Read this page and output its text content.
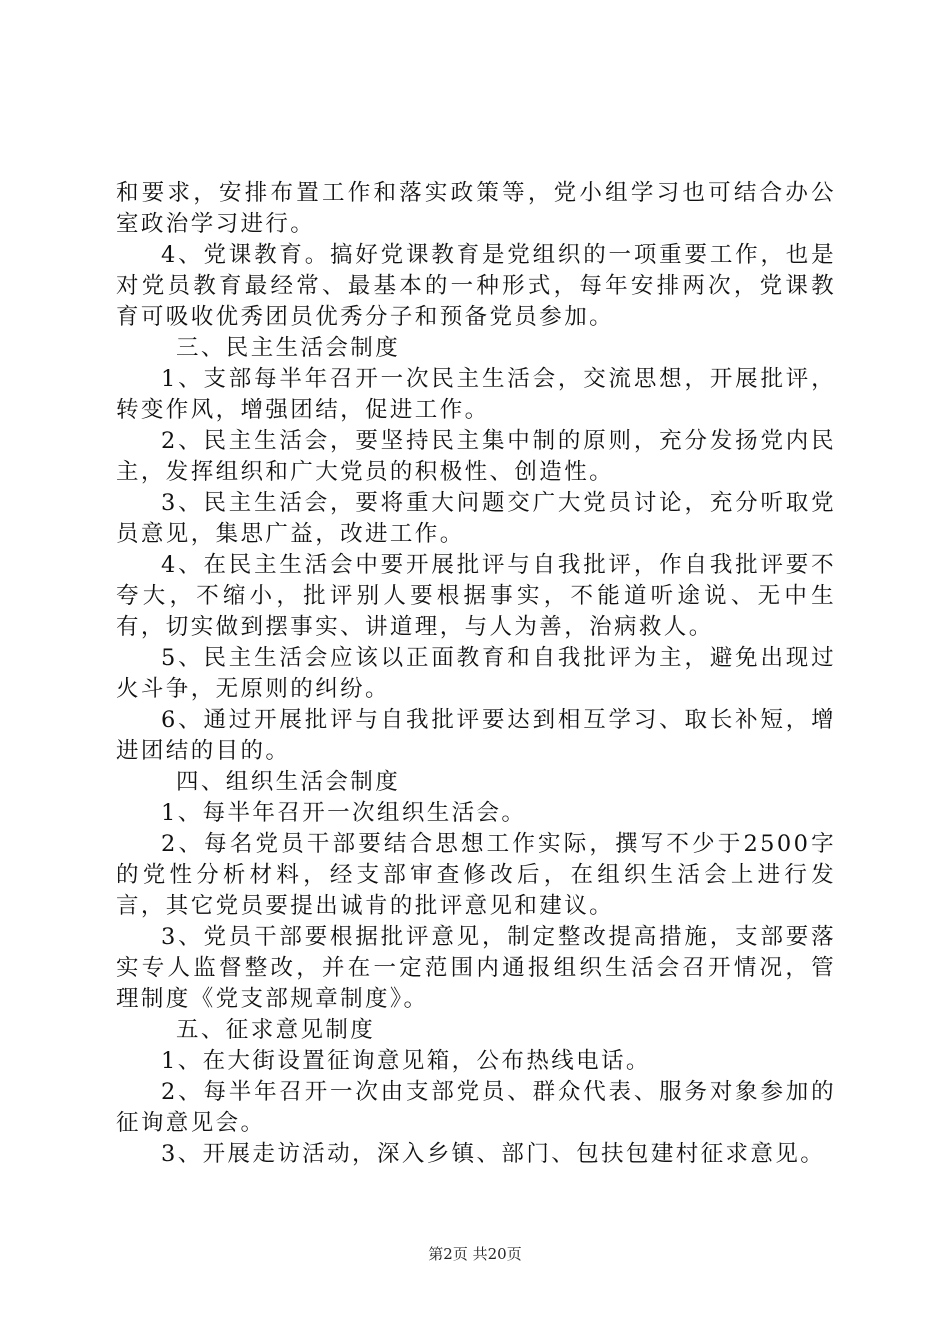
和要求，安排布置工作和落实政策等，党小组学习也可结合办公室政治学习进行。

4、党课教育。搞好党课教育是党组织的一项重要工作，也是对党员教育最经常、最基本的一种形式，每年安排两次，党课教育可吸收优秀团员优秀分子和预备党员参加。

三、民主生活会制度

1、支部每半年召开一次民主生活会，交流思想，开展批评，转变作风，增强团结，促进工作。

2、民主生活会，要坚持民主集中制的原则，充分发扬党内民主，发挥组织和广大党员的积极性、创造性。

3、民主生活会，要将重大问题交广大党员讨论，充分听取党员意见，集思广益，改进工作。

4、在民主生活会中要开展批评与自我批评，作自我批评要不夸大，不缩小，批评别人要根据事实，不能道听途说、无中生有，切实做到摆事实、讲道理，与人为善，治病救人。

5、民主生活会应该以正面教育和自我批评为主，避免出现过火斗争，无原则的纠纷。

6、通过开展批评与自我批评要达到相互学习、取长补短，增进团结的目的。

四、组织生活会制度

1、每半年召开一次组织生活会。

2、每名党员干部要结合思想工作实际，撰写不少于2500字的党性分析材料，经支部审查修改后，在组织生活会上进行发言，其它党员要提出诚肯的批评意见和建议。

3、党员干部要根据批评意见，制定整改提高措施，支部要落实专人监督整改，并在一定范围内通报组织生活会召开情况，管理制度《党支部规章制度》。

五、征求意见制度

1、在大街设置征询意见箱，公布热线电话。

2、每半年召开一次由支部党员、群众代表、服务对象参加的征询意见会。

3、开展走访活动，深入乡镇、部门、包扶包建村征求意见。

第2页 共20页
